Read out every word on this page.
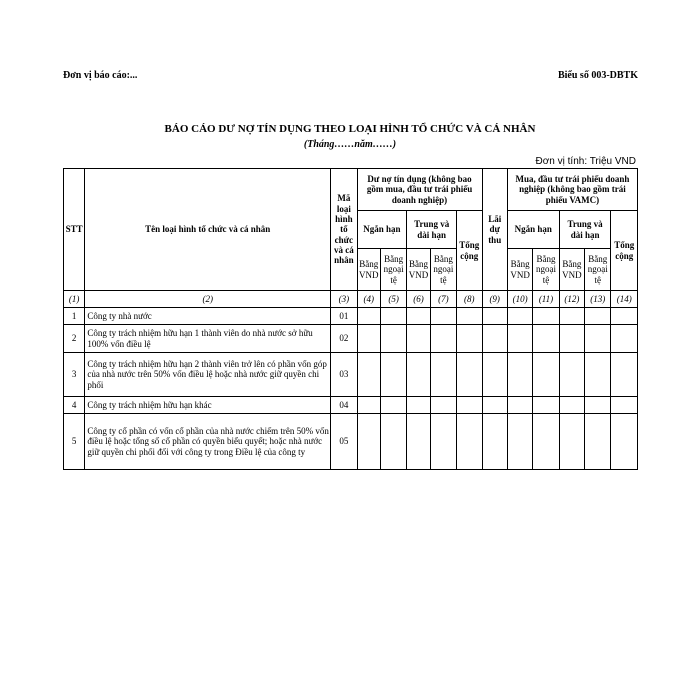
Đơn vị báo cáo:...	Biểu số 003-DBTK
BÁO CÁO DƯ NỢ TÍN DỤNG THEO LOẠI HÌNH TỔ CHỨC VÀ CÁ NHÂN
(Tháng……năm……)
Đơn vị tính: Triệu VND
STT	Tên loại hình tổ chức và cá nhân	Mã loại hình tổ chức và cá nhân	Dư nợ tín dụng (không bao gồm mua, đầu tư trái phiếu doanh nghiệp)					Lãi dự thu	Mua, đầu tư trái phiếu doanh nghiệp (không bao gồm trái phiếu VAMC)				
			Ngắn hạn		Trung và dài hạn		Tổng cộng		Ngắn hạn		Trung và dài hạn		Tổng cộng
			Bằng VND	Bằng ngoại tệ	Bằng VND	Bằng ngoại tệ			Bằng VND	Bằng ngoại tệ	Bằng VND	Bằng ngoại tệ	
(1)	(2)	(3)	(4)	(5)	(6)	(7)	(8)	(9)	(10)	(11)	(12)	(13)	(14)
1	Công ty nhà nước	01											
2	Công ty trách nhiệm hữu hạn 1 thành viên do nhà nước sở hữu 100% vốn điều lệ	02											
3	Công ty trách nhiệm hữu hạn 2 thành viên trở lên có phần vốn góp của nhà nước trên 50% vốn điều lệ hoặc nhà nước giữ quyền chi phối	03											
4	Công ty trách nhiệm hữu hạn khác	04											
5	Công ty cổ phần có vốn cổ phần của nhà nước chiếm trên 50% vốn điều lệ hoặc tổng số cổ phần có quyền biểu quyết; hoặc nhà nước giữ quyền chi phối đối với công ty trong Điều lệ của công ty	05											
